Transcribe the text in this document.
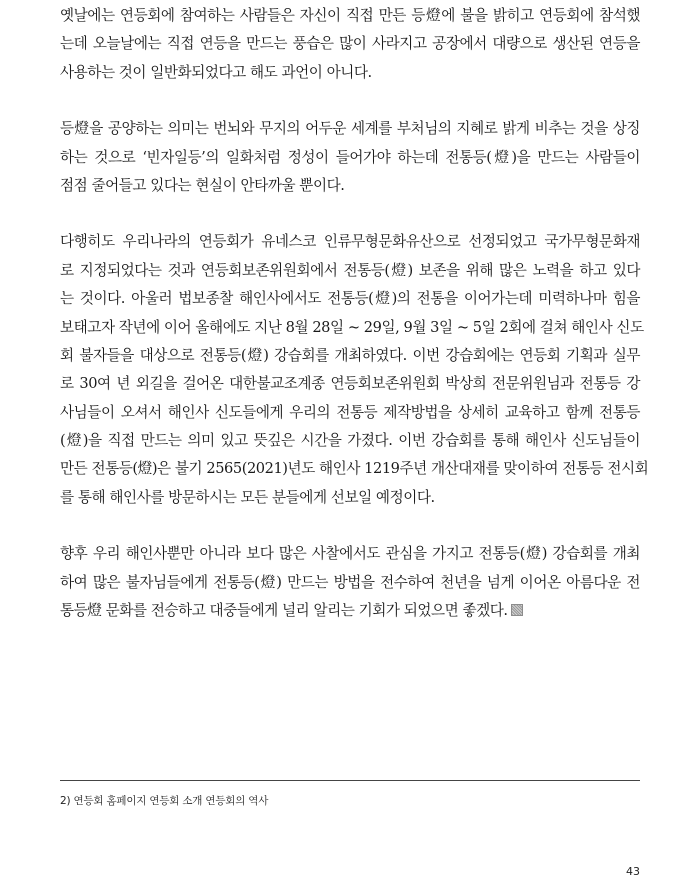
옛날에는 연등회에 참여하는 사람들은 자신이 직접 만든 등燈에 불을 밝히고 연등회에 참석했
는데 오늘날에는 직접 연등을 만드는 풍습은 많이 사라지고 공장에서 대량으로 생산된 연등을
사용하는 것이 일반화되었다고 해도 과언이 아니다.
등燈을 공양하는 의미는 번뇌와 무지의 어두운 세계를 부처님의 지혜로 밝게 비추는 것을 상징
하는 것으로 ‘빈자일등’의 일화처럼 정성이 들어가야 하는데 전통등(燈)을 만드는 사람들이
점점 줄어들고 있다는 현실이 안타까울 뿐이다.
다행히도 우리나라의 연등회가 유네스코 인류무형문화유산으로 선정되었고 국가무형문화재
로 지정되었다는 것과 연등회보존위원회에서 전통등(燈) 보존을 위해 많은 노력을 하고 있다
는 것이다. 아울러 법보종찰 해인사에서도 전통등(燈)의 전통을 이어가는데 미력하나마 힘을
보태고자 작년에 이어 올해에도 지난 8월 28일 ~ 29일, 9월 3일 ~ 5일 2회에 걸쳐 해인사 신도
회 불자들을 대상으로 전통등(燈) 강습회를 개최하였다. 이번 강습회에는 연등회 기획과 실무
로 30여 년 외길을 걸어온 대한불교조계종 연등회보존위원회 박상희 전문위원님과 전통등 강
사님들이 오셔서 해인사 신도들에게 우리의 전통등 제작방법을 상세히 교육하고 함께 전통등
(燈)을 직접 만드는 의미 있고 뜻깊은 시간을 가졌다. 이번 강습회를 통해 해인사 신도님들이
만든 전통등(燈)은 불기 2565(2021)년도 해인사 1219주년 개산대재를 맞이하여 전통등 전시회
를 통해 해인사를 방문하시는 모든 분들에게 선보일 예정이다.
향후 우리 해인사뿐만 아니라 보다 많은 사찰에서도 관심을 가지고 전통등(燈) 강습회를 개최
하여 많은 불자님들에게 전통등(燈) 만드는 방법을 전수하여 천년을 넘게 이어온 아름다운 전
통등燈 문화를 전승하고 대중들에게 널리 알리는 기회가 되었으면 좋겠다.
2) 연등회 홈페이지 연등회 소개 연등회의 역사
43
